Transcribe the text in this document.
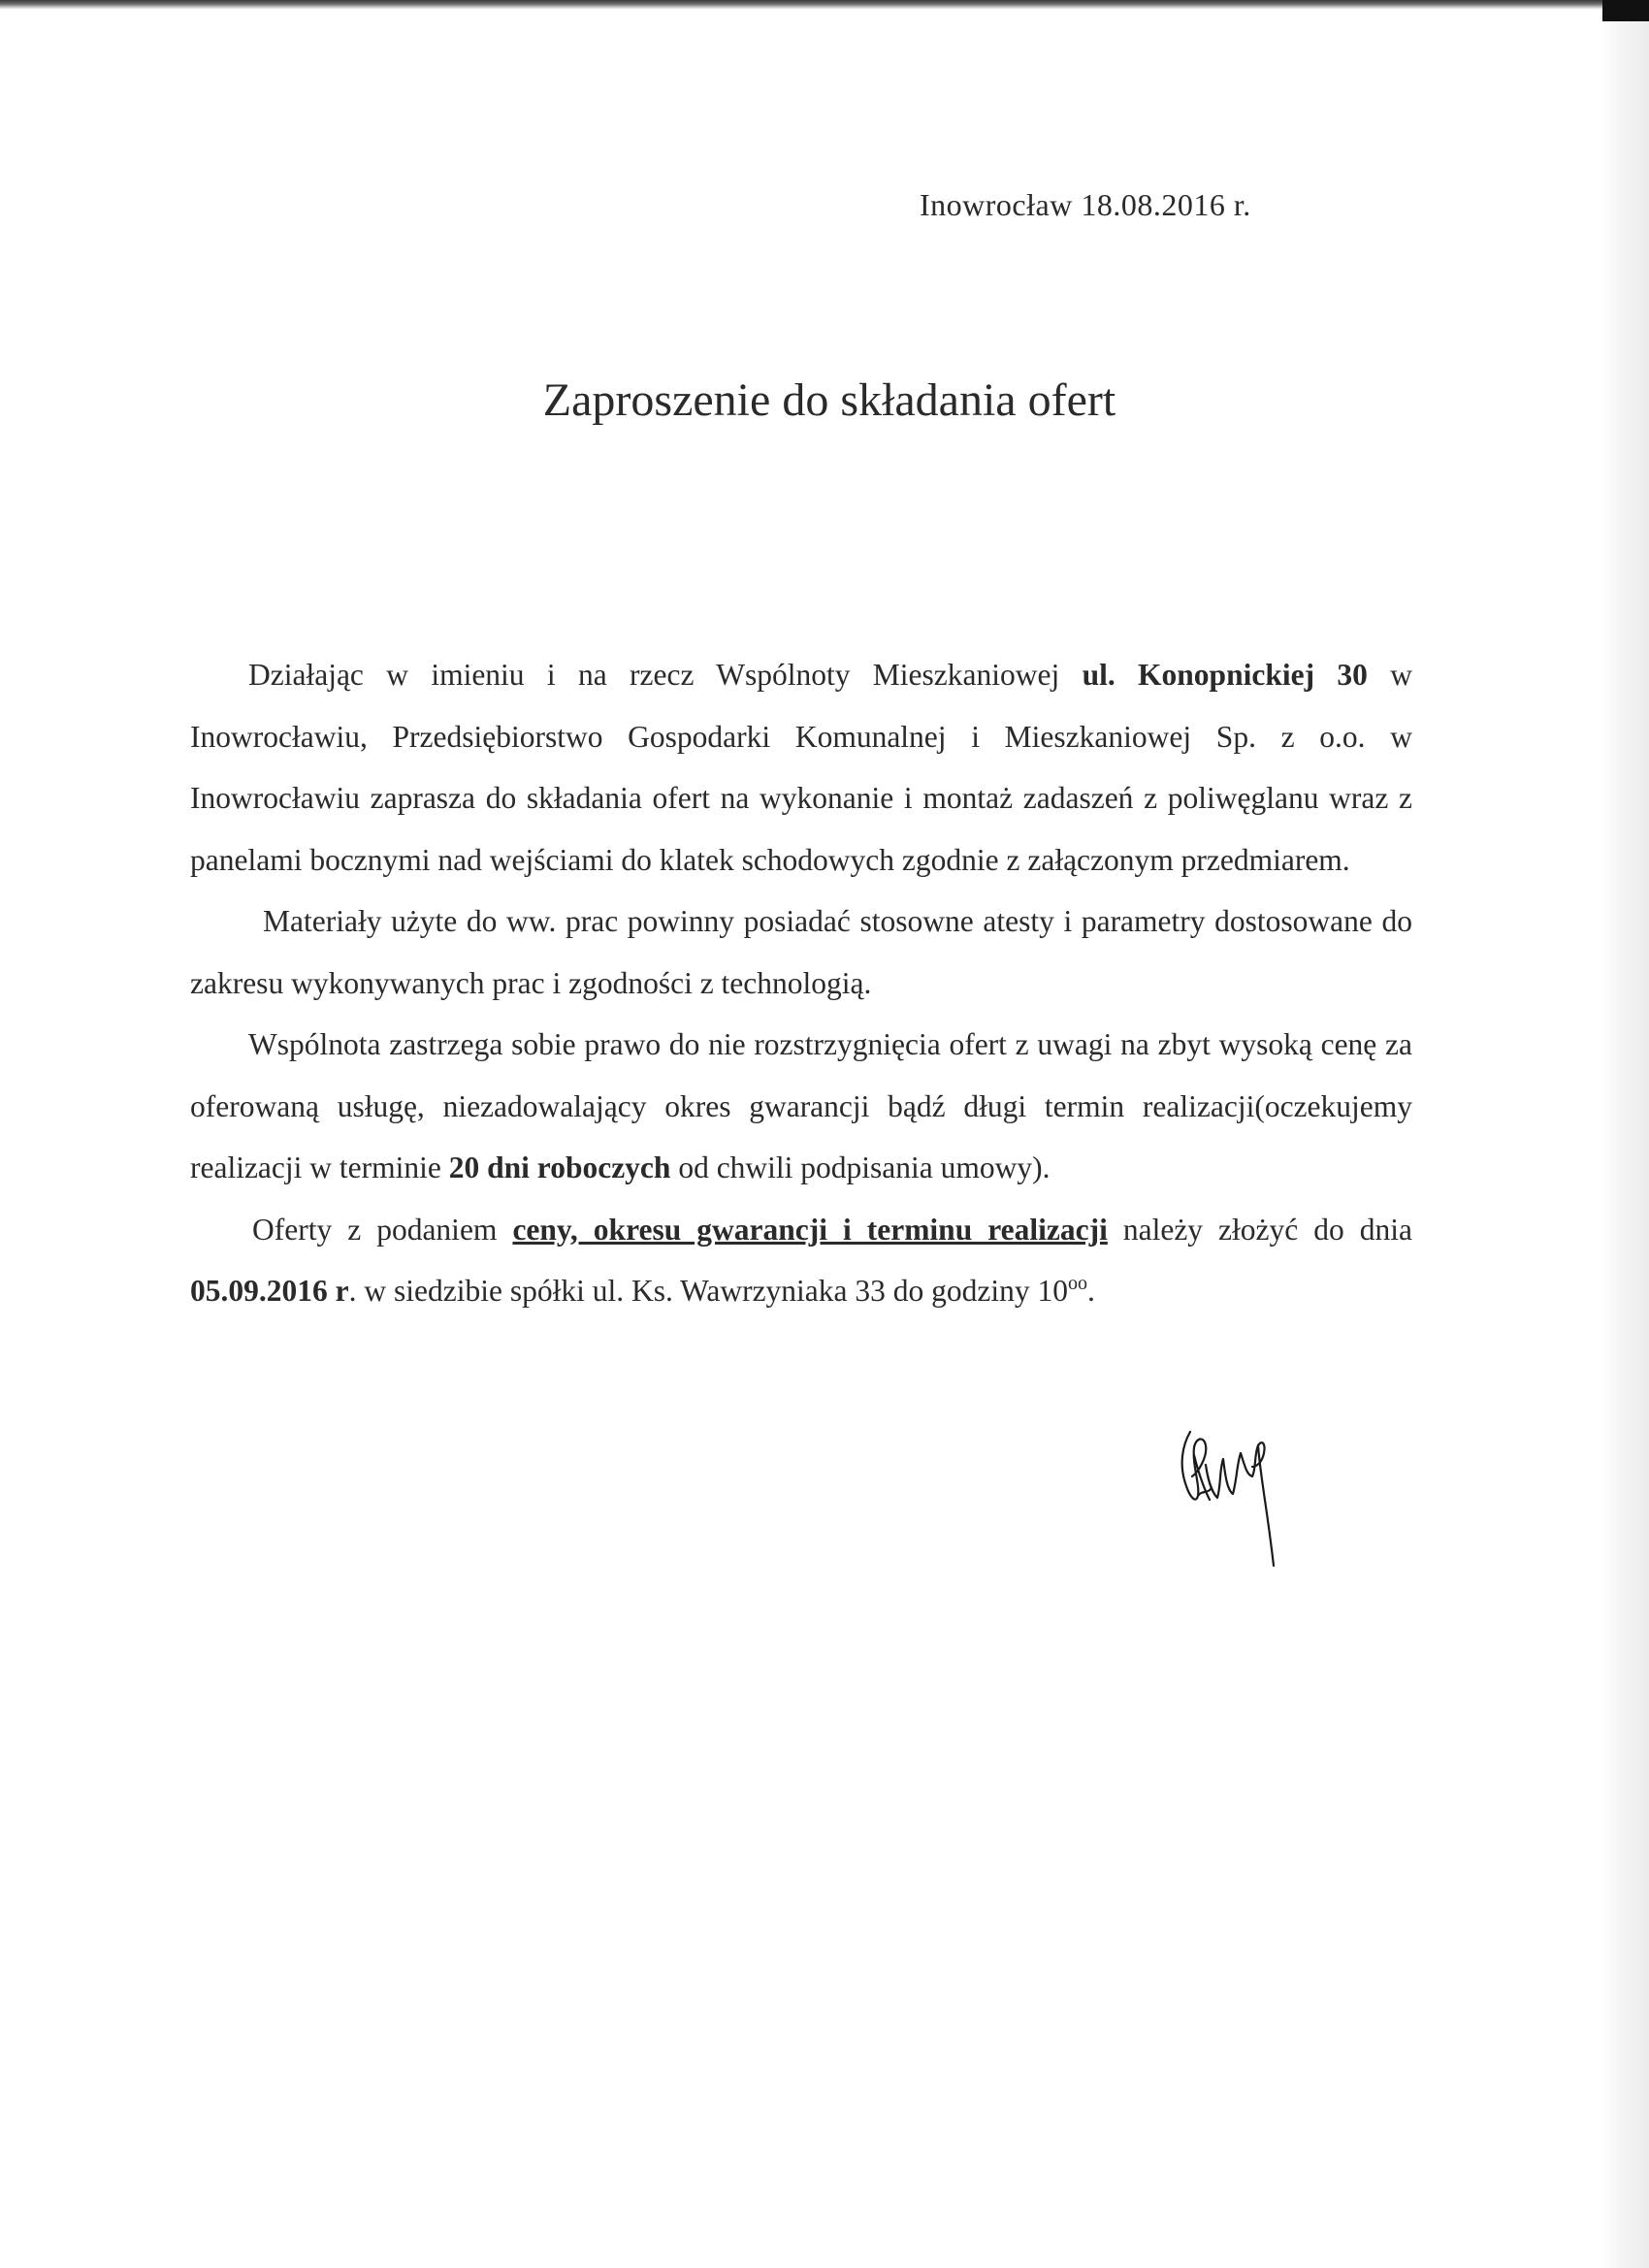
Inowrocław 18.08.2016 r.
Zaproszenie do składania ofert

Działając w imieniu i na rzecz Wspólnoty Mieszkaniowej ul. Konopnickiej 30 w Inowrocławiu, Przedsiębiorstwo Gospodarki Komunalnej i Mieszkaniowej Sp. z o.o. w Inowrocławiu zaprasza do składania ofert na wykonanie i montaż zadaszeń z poliwęglanu wraz z panelami bocznymi nad wejściami do klatek schodowych zgodnie z załączonym przedmiarem.

Materiały użyte do ww. prac powinny posiadać stosowne atesty i parametry dostosowane do zakresu wykonywanych prac i zgodności z technologią.

Wspólnota zastrzega sobie prawo do nie rozstrzygnięcia ofert z uwagi na zbyt wysoką cenę za oferowaną usługę, niezadowalający okres gwarancji bądź długi termin realizacji(oczekujemy realizacji w terminie 20 dni roboczych od chwili podpisania umowy).

Oferty z podaniem ceny, okresu gwarancji i terminu realizacji należy złożyć do dnia 05.09.2016 r. w siedzibie spółki ul. Ks. Wawrzyniaka 33 do godziny $10^{oo}$.
